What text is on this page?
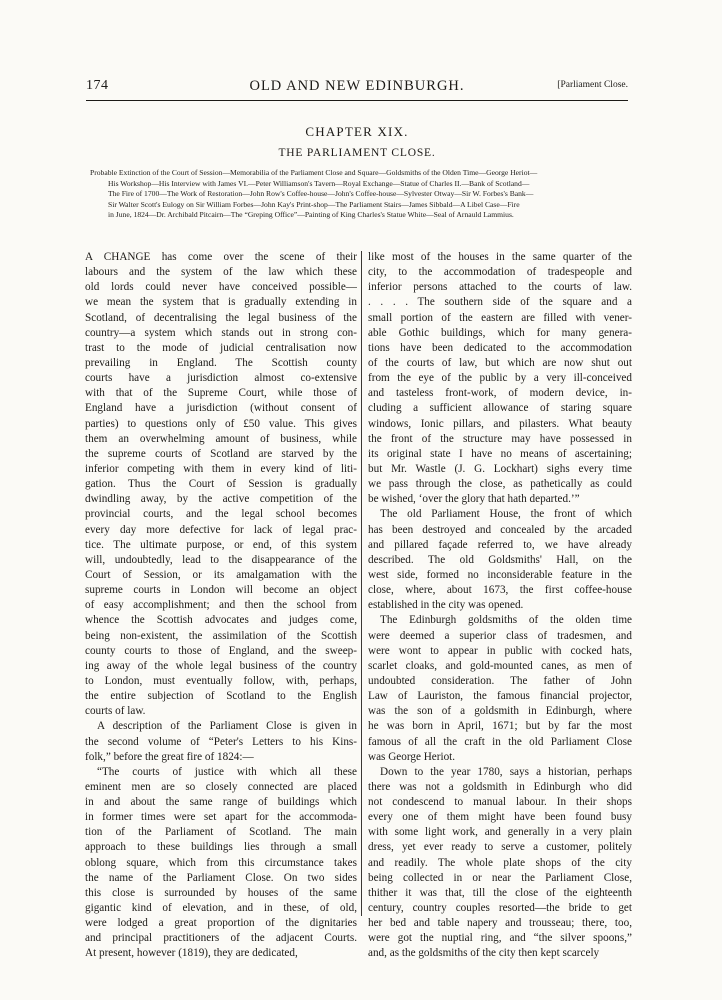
174	OLD AND NEW EDINBURGH.	[Parliament Close.
CHAPTER XIX.
THE PARLIAMENT CLOSE.
Probable Extinction of the Court of Session—Memorabilia of the Parliament Close and Square—Goldsmiths of the Olden Time—George Heriot—
His Workshop—His Interview with James VI.—Peter Williamson's Tavern—Royal Exchange—Statue of Charles II.—Bank of Scotland—
The Fire of 1700—The Work of Restoration—John Row's Coffee-house—John's Coffee-house—Sylvester Otway—Sir W. Forbes's Bank—
Sir Walter Scott's Eulogy on Sir William Forbes—John Kay's Print-shop—The Parliament Stairs—James Sibbald—A Libel Case—Fire
in June, 1824—Dr. Archibald Pitcairn—The “Greping Office”—Painting of King Charles's Statue White—Seal of Arnauld Lammius.
A CHANGE has come over the scene of their
labours and the system of the law which these
old lords could never have conceived possible—
we mean the system that is gradually extending in
Scotland, of decentralising the legal business of the
country—a system which stands out in strong con-
trast to the mode of judicial centralisation now
prevailing in England. The Scottish county
courts have a jurisdiction almost co-extensive
with that of the Supreme Court, while those of
England have a jurisdiction (without consent of
parties) to questions only of £50 value. This gives
them an overwhelming amount of business, while
the supreme courts of Scotland are starved by the
inferior competing with them in every kind of liti-
gation. Thus the Court of Session is gradually
dwindling away, by the active competition of the
provincial courts, and the legal school becomes
every day more defective for lack of legal prac-
tice. The ultimate purpose, or end, of this system
will, undoubtedly, lead to the disappearance of the
Court of Session, or its amalgamation with the
supreme courts in London will become an object
of easy accomplishment; and then the school from
whence the Scottish advocates and judges come,
being non-existent, the assimilation of the Scottish
county courts to those of England, and the sweep-
ing away of the whole legal business of the country
to London, must eventually follow, with, perhaps,
the entire subjection of Scotland to the English
courts of law.
A description of the Parliament Close is given in
the second volume of “Peter's Letters to his Kins-
folk,” before the great fire of 1824:—
“The courts of justice with which all these
eminent men are so closely connected are placed
in and about the same range of buildings which
in former times were set apart for the accommoda-
tion of the Parliament of Scotland. The main
approach to these buildings lies through a small
oblong square, which from this circumstance takes
the name of the Parliament Close. On two sides
this close is surrounded by houses of the same
gigantic kind of elevation, and in these, of old,
were lodged a great proportion of the dignitaries
and principal practitioners of the adjacent Courts.
At present, however (1819), they are dedicated,
like most of the houses in the same quarter of the
city, to the accommodation of tradespeople and
inferior persons attached to the courts of law.
. . . . The southern side of the square and a
small portion of the eastern are filled with vener-
able Gothic buildings, which for many genera-
tions have been dedicated to the accommodation
of the courts of law, but which are now shut out
from the eye of the public by a very ill-conceived
and tasteless front-work, of modern device, in-
cluding a sufficient allowance of staring square
windows, Ionic pillars, and pilasters. What beauty
the front of the structure may have possessed in
its original state I have no means of ascertaining;
but Mr. Wastle (J. G. Lockhart) sighs every time
we pass through the close, as pathetically as could
be wished, ‘over the glory that hath departed.’”
The old Parliament House, the front of which
has been destroyed and concealed by the arcaded
and pillared façade referred to, we have already
described. The old Goldsmiths' Hall, on the
west side, formed no inconsiderable feature in the
close, where, about 1673, the first coffee-house
established in the city was opened.
The Edinburgh goldsmiths of the olden time
were deemed a superior class of tradesmen, and
were wont to appear in public with cocked hats,
scarlet cloaks, and gold-mounted canes, as men of
undoubted consideration. The father of John
Law of Lauriston, the famous financial projector,
was the son of a goldsmith in Edinburgh, where
he was born in April, 1671; but by far the most
famous of all the craft in the old Parliament Close
was George Heriot.
Down to the year 1780, says a historian, perhaps
there was not a goldsmith in Edinburgh who did
not condescend to manual labour. In their shops
every one of them might have been found busy
with some light work, and generally in a very plain
dress, yet ever ready to serve a customer, politely
and readily. The whole plate shops of the city
being collected in or near the Parliament Close,
thither it was that, till the close of the eighteenth
century, country couples resorted—the bride to get
her bed and table napery and trousseau; there, too,
were got the nuptial ring, and “the silver spoons,”
and, as the goldsmiths of the city then kept scarcely
